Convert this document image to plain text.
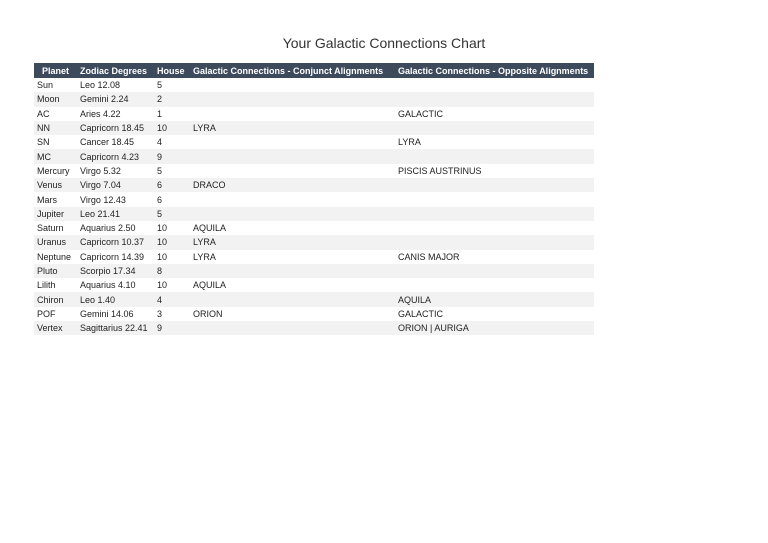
Your Galactic Connections Chart
Planet	Zodiac Degrees	House	Galactic Connections - Conjunct Alignments	Galactic Connections - Opposite Alignments
Sun	Leo 12.08	5		
Moon	Gemini 2.24	2		
AC	Aries 4.22	1		GALACTIC
NN	Capricorn 18.45	10	LYRA	
SN	Cancer 18.45	4		LYRA
MC	Capricorn 4.23	9		
Mercury	Virgo 5.32	5		PISCIS AUSTRINUS
Venus	Virgo 7.04	6	DRACO	
Mars	Virgo 12.43	6		
Jupiter	Leo 21.41	5		
Saturn	Aquarius 2.50	10	AQUILA	
Uranus	Capricorn 10.37	10	LYRA	
Neptune	Capricorn 14.39	10	LYRA	CANIS MAJOR
Pluto	Scorpio 17.34	8		
Lilith	Aquarius 4.10	10	AQUILA	
Chiron	Leo 1.40	4		AQUILA
POF	Gemini 14.06	3	ORION	GALACTIC
Vertex	Sagittarius 22.41	9		ORION | AURIGA
